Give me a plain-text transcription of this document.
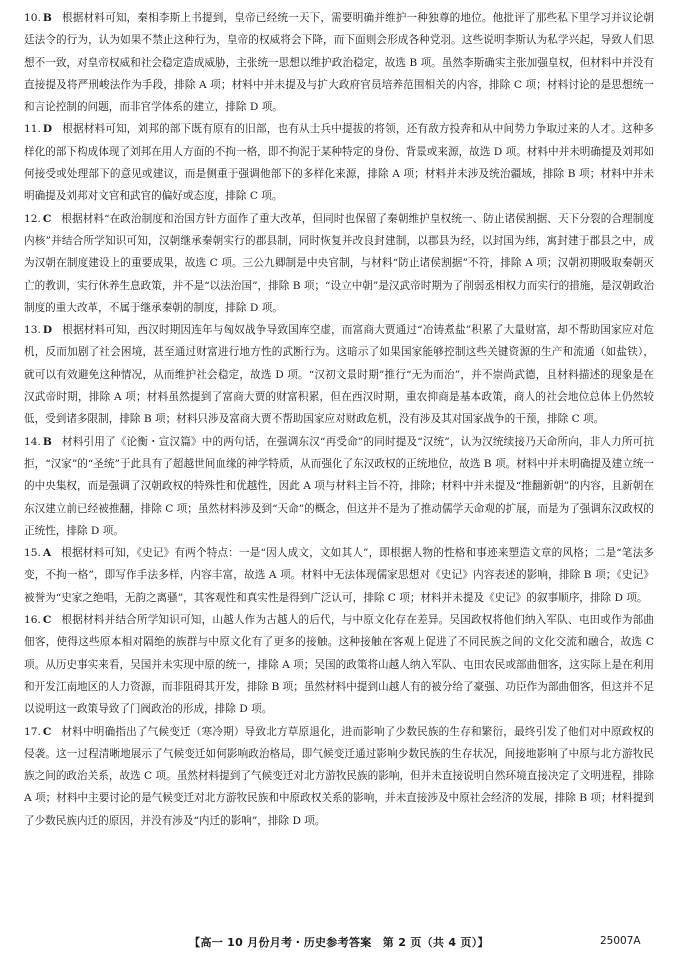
10. B 根据材料可知，秦相李斯上书提到，皇帝已经统一天下，需要明确并维护一种独尊的地位。他批评了那些私下里学习并议论朝廷法令的行为，认为如果不禁止这种行为，皇帝的权威将会下降，而下面则会形成各种党羽。这些说明李斯认为私学兴起，导致人们思想不一致，对皇帝权威和社会稳定造成威胁，主张统一思想以维护政治稳定，故选 B 项。虽然李斯确实主张加强皇权，但材料中并没有直接提及将严刑峻法作为手段，排除 A 项；材料中并未提及与扩大政府官员培养范围相关的内容，排除 C 项；材料讨论的是思想统一和言论控制的问题，而非官学体系的建立，排除 D 项。

11. D 根据材料可知，刘邦的部下既有原有的旧部，也有从士兵中提拔的将领，还有敌方投奔和从中间势力争取过来的人才。这种多样化的部下构成体现了刘邦在用人方面的不拘一格，即不拘泥于某种特定的身份、背景或来源，故选 D 项。材料中并未明确提及刘邦如何接受或处理部下的意见或建议，而是侧重于强调他部下的多样化来源，排除 A 项；材料并未涉及统治疆域，排除 B 项；材料中并未明确提及刘邦对文官和武官的偏好或态度，排除 C 项。

12. C 根据材料“在政治制度和治国方针方面作了重大改革，但同时也保留了秦朝维护皇权统一、防止诸侯割据、天下分裂的合理制度内核”并结合所学知识可知，汉朝继承秦朝实行的郡县制，同时恢复并改良封建制，以郡县为经，以封国为纬，寓封建于郡县之中，成为汉朝在制度建设上的重要成果，故选 C 项。三公九卿制是中央官制，与材料“防止诸侯割据”不符，排除 A 项；汉朝初期吸取秦朝灭亡的教训，实行休养生息政策，并不是“以法治国”，排除 B 项；“设立中朝”是汉武帝时期为了削弱丞相权力而实行的措施，是汉朝政治制度的重大改革，不属于继承秦朝的制度，排除 D 项。

13. D 根据材料可知，西汉时期因连年与匈奴战争导致国库空虚，而富商大贾通过“冶铸煮盐”积累了大量财富，却不帮助国家应对危机，反而加剧了社会困境，甚至通过财富进行地方性的武断行为。这暗示了如果国家能够控制这些关键资源的生产和流通（如盐铁），就可以有效避免这种情况，从而维护社会稳定，故选 D 项。“汉初文景时期”推行“无为而治”，并不崇尚武德，且材料描述的现象是在汉武帝时期，排除 A 项；材料虽然提到了富商大贾的财富积累，但在西汉时期，重农抑商是基本政策，商人的社会地位总体上仍然较低，受到诸多限制，排除 B 项；材料只涉及富商大贾不帮助国家应对财政危机，没有涉及其对国家战争的干预，排除 C 项。

14. B 材料引用了《论衡・宣汉篇》中的两句话，在强调东汉“再受命”的同时提及“汉统”，认为汉统续接乃天命所向，非人力所可抗拒，“汉家”的“圣统”于此具有了超越世间血缘的神学特质，从而强化了东汉政权的正统地位，故选 B 项。材料中并未明确提及建立统一的中央集权，而是强调了汉朝政权的特殊性和优越性，因此 A 项与材料主旨不符，排除；材料中并未提及“推翻新朝”的内容，且新朝在东汉建立前已经被推翻，排除 C 项；虽然材料涉及到“天命”的概念，但这并不是为了推动儒学天命观的扩展，而是为了强调东汉政权的正统性，排除 D 项。

15. A 根据材料可知，《史记》有两个特点：一是“因人成文，文如其人”，即根据人物的性格和事迹来塑造文章的风格；二是“笔法多变，不拘一格”，即写作手法多样，内容丰富，故选 A 项。材料中无法体现儒家思想对《史记》内容表述的影响，排除 B 项；《史记》被誉为“史家之绝唱，无韵之离骚”，其客观性和真实性是得到广泛认可，排除 C 项；材料并未提及《史记》的叙事顺序，排除 D 项。

16. C 根据材料并结合所学知识可知，山越人作为古越人的后代，与中原文化存在差异。吴国政权将他们纳入军队、屯田或作为部曲佃客，使得这些原本相对隔绝的族群与中原文化有了更多的接触。这种接触在客观上促进了不同民族之间的文化交流和融合，故选 C 项。从历史事实来看，吴国并未实现中原的统一，排除 A 项；吴国的政策将山越人纳入军队、屯田农民或部曲佃客，这实际上是在利用和开发江南地区的人力资源，而非阻碍其开发，排除 B 项；虽然材料中提到山越人有的被分给了豪强、功臣作为部曲佃客，但这并不足以说明这一政策导致了门阀政治的形成，排除 D 项。

17. C 材料中明确指出了气候变迁（寒冷期）导致北方草原退化，进而影响了少数民族的生存和繁衍，最终引发了他们对中原政权的侵袭。这一过程清晰地展示了气候变迁如何影响政治格局，即气候变迁通过影响少数民族的生存状况，间接地影响了中原与北方游牧民族之间的政治关系，故选 C 项。虽然材料提到了气候变迁对北方游牧民族的影响，但并未直接说明自然环境直接决定了文明进程，排除 A 项；材料中主要讨论的是气候变迁对北方游牧民族和中原政权关系的影响，并未直接涉及中原社会经济的发展，排除 B 项；材料提到了少数民族内迁的原因，并没有涉及“内迁的影响”，排除 D 项。

【高一 10 月份月考・历史参考答案　第 2 页（共 4 页）】	25007A
